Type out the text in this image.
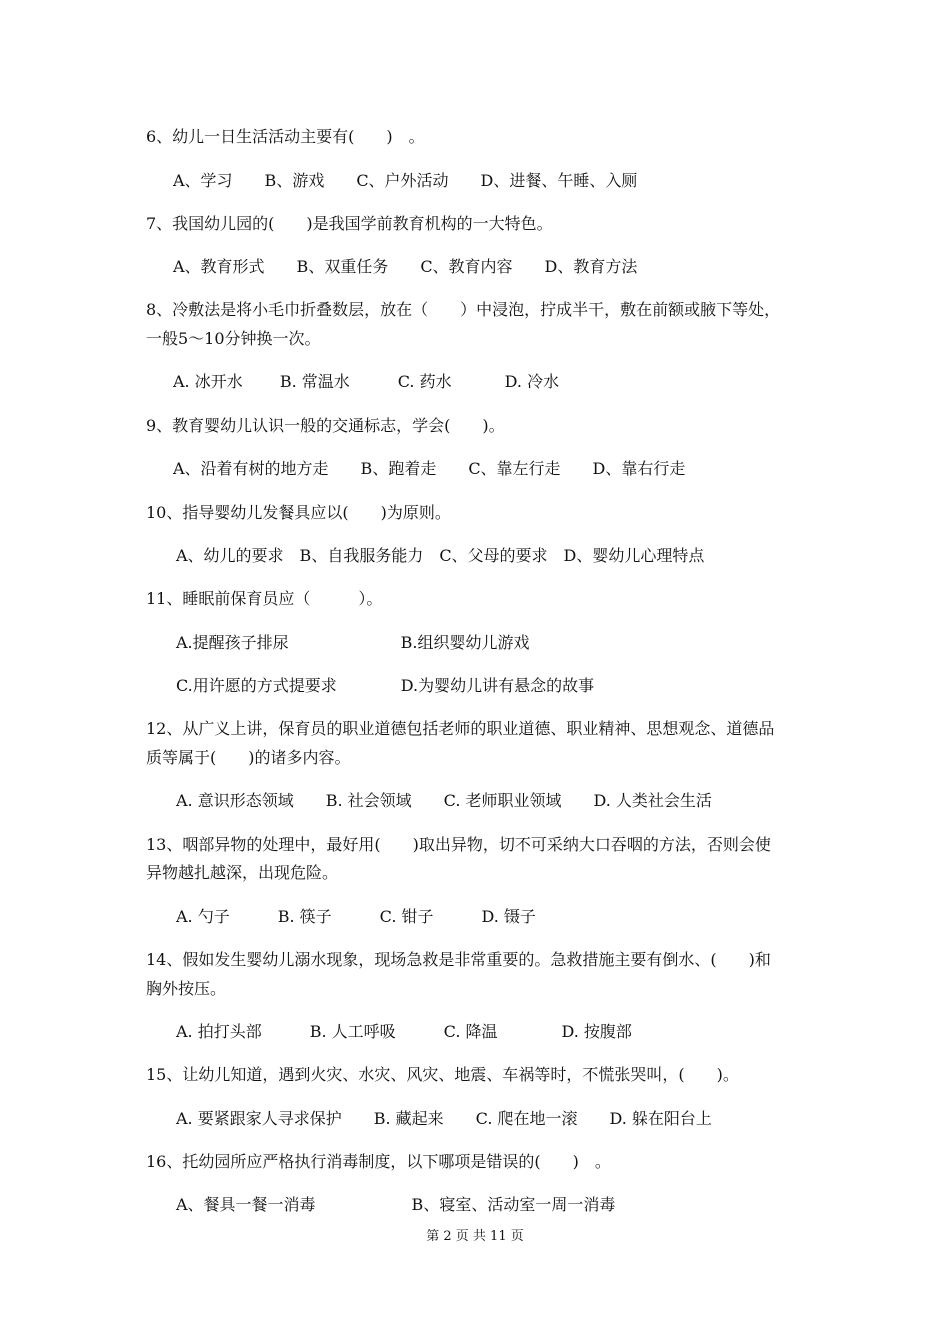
6、幼儿一日生活活动主要有(　　)　。

A、学习　　B、游戏　　C、户外活动　　D、进餐、午睡、入厕

7、我国幼儿园的(　　)是我国学前教育机构的一大特色。

A、教育形式　　B、双重任务　　C、教育内容　　D、教育方法

8、冷敷法是将小毛巾折叠数层，放在（　　）中浸泡，拧成半干，敷在前额或腋下等处，

一般5～10分钟换一次。

A. 冰开水　　 B. 常温水　　　C. 药水　　　 D. 冷水

9、教育婴幼儿认识一般的交通标志，学会(　　)。

A、沿着有树的地方走　　B、跑着走　　C、靠左行走　　D、靠右行走

10、指导婴幼儿发餐具应以(　　)为原则。

A、幼儿的要求　B、自我服务能力　C、父母的要求　D、婴幼儿心理特点

11、睡眠前保育员应（　　　）。

A.提醒孩子排尿　　　　　　　B.组织婴幼儿游戏

C.用许愿的方式提要求　　　　D.为婴幼儿讲有悬念的故事

12、从广义上讲，保育员的职业道德包括老师的职业道德、职业精神、思想观念、道德品

质等属于(　　)的诸多内容。

A. 意识形态领域　　B. 社会领域　　C. 老师职业领域　　D. 人类社会生活

13、咽部异物的处理中，最好用(　　)取出异物，切不可采纳大口吞咽的方法，否则会使

异物越扎越深，出现危险。

A. 勺子　　　B. 筷子　　　C. 钳子　　　D. 镊子

14、假如发生婴幼儿溺水现象，现场急救是非常重要的。急救措施主要有倒水、(　　)和

胸外按压。

A. 拍打头部　　　B. 人工呼吸　　　C. 降温　　　　D. 按腹部

15、让幼儿知道，遇到火灾、水灾、风灾、地震、车祸等时，不慌张哭叫，(　　)。

A. 要紧跟家人寻求保护　　B. 藏起来　　C. 爬在地一滚　　D. 躲在阳台上

16、托幼园所应严格执行消毒制度，以下哪项是错误的(　　)　。

A、餐具一餐一消毒　　　　　　B、寝室、活动室一周一消毒

第 2 页 共 11 页
